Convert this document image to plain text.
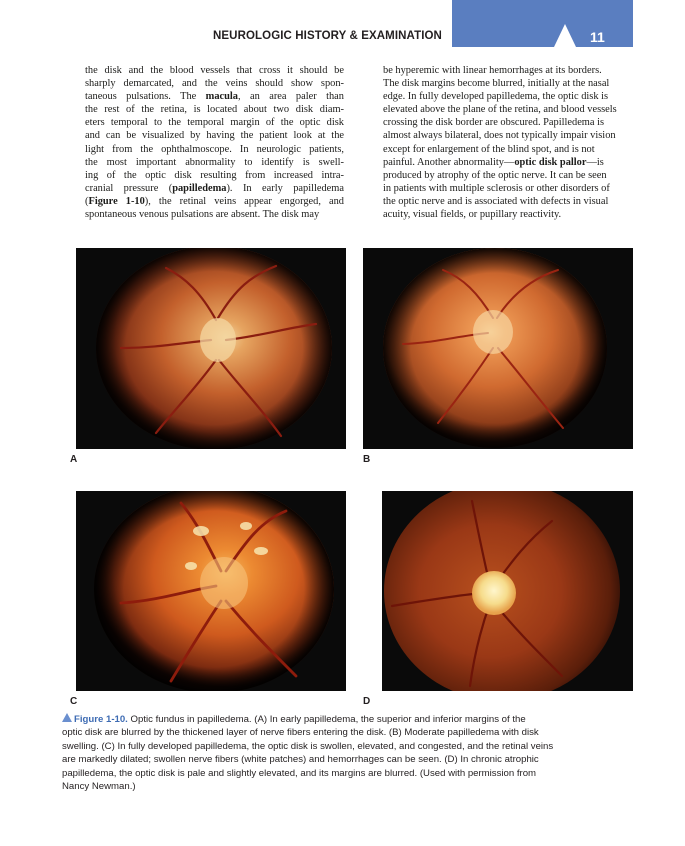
NEUROLOGIC HISTORY & EXAMINATION	11
the disk and the blood vessels that cross it should be
sharply demarcated, and the veins should show spon-
taneous pulsations. The macula, an area paler than
the rest of the retina, is located about two disk diam-
eters temporal to the temporal margin of the optic disk
and can be visualized by having the patient look at the
light from the ophthalmoscope. In neurologic patients,
the most important abnormality to identify is swell-
ing of the optic disk resulting from increased intra-
cranial pressure (papilledema). In early papilledema
(Figure 1-10), the retinal veins appear engorged, and
spontaneous venous pulsations are absent. The disk may
be hyperemic with linear hemorrhages at its borders.
The disk margins become blurred, initially at the nasal
edge. In fully developed papilledema, the optic disk is
elevated above the plane of the retina, and blood vessels
crossing the disk border are obscured. Papilledema is
almost always bilateral, does not typically impair vision
except for enlargement of the blind spot, and is not
painful. Another abnormality—optic disk pallor—is
produced by atrophy of the optic nerve. It can be seen
in patients with multiple sclerosis or other disorders of
the optic nerve and is associated with defects in visual
acuity, visual fields, or pupillary reactivity.
A	B
C	D
Figure 1-10. Optic fundus in papilledema. (A) In early papilledema, the superior and inferior margins of the
optic disk are blurred by the thickened layer of nerve fibers entering the disk. (B) Moderate papilledema with disk
swelling. (C) In fully developed papilledema, the optic disk is swollen, elevated, and congested, and the retinal veins
are markedly dilated; swollen nerve fibers (white patches) and hemorrhages can be seen. (D) In chronic atrophic
papilledema, the optic disk is pale and slightly elevated, and its margins are blurred. (Used with permission from
Nancy Newman.)
